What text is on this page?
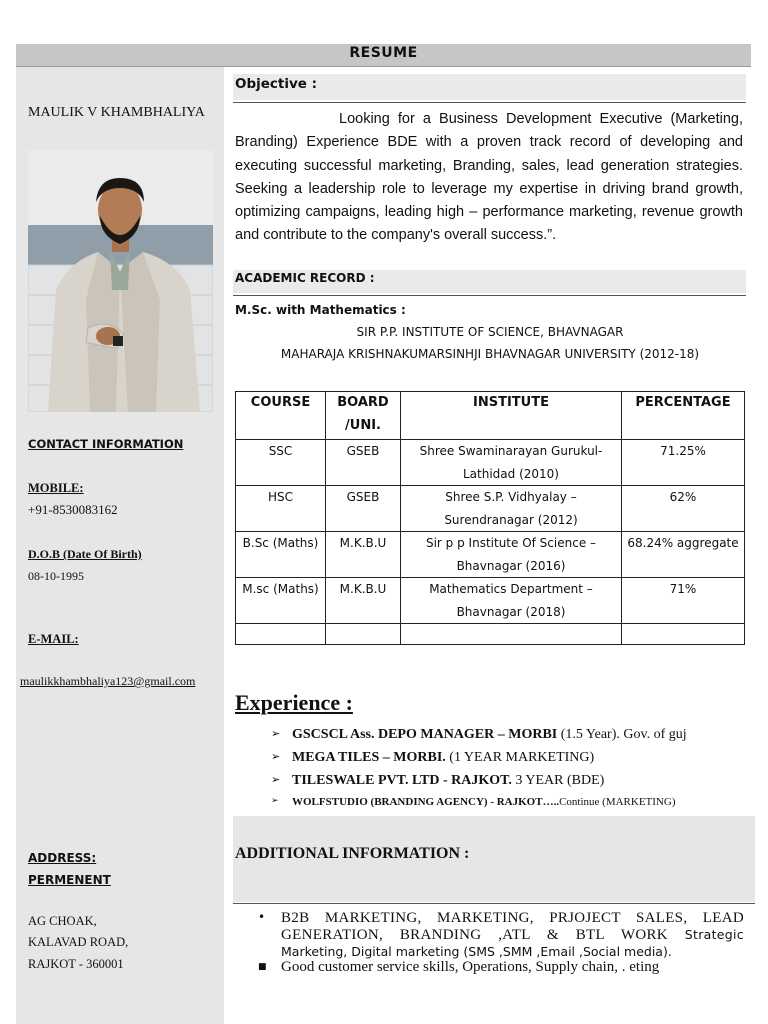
RESUME
MAULIK V KHAMBHALIYA
CONTACT INFORMATION
MOBILE:
+91-8530083162
D.O.B (Date Of Birth)
08-10-1995
E-MAIL:
maulikkhambhaliya123@gmail.com
ADDRESS:
PERMENENT
AG CHOAK,
KALAVAD ROAD,
RAJKOT - 360001
Objective :
Looking for a Business Development Executive (Marketing, Branding) Experience BDE with a proven track record of developing and executing successful marketing, Branding, sales, lead generation strategies. Seeking a leadership role to leverage my expertise in driving brand growth, optimizing campaigns, leading high – performance marketing, revenue growth and contribute to the company's overall success.”.
ACADEMIC RECORD :
M.Sc. with Mathematics :
SIR P.P. INSTITUTE OF SCIENCE, BHAVNAGAR
MAHARAJA KRISHNAKUMARSINHJI BHAVNAGAR UNIVERSITY (2012-18)
COURSE	BOARD /UNI.	INSTITUTE	PERCENTAGE
SSC	GSEB	Shree Swaminarayan Gurukul-Lathidad (2010)	71.25%
HSC	GSEB	Shree S.P. Vidhyalay – Surendranagar (2012)	62%
B.Sc (Maths)	M.K.B.U	Sir p p Institute Of Science – Bhavnagar (2016)	68.24% aggregate
M.sc (Maths)	M.K.B.U	Mathematics Department – Bhavnagar (2018)	71%

Experience :
➢ GSCSCL Ass. DEPO MANAGER – MORBI (1.5 Year). Gov. of guj
➢ MEGA TILES – MORBI. (1 YEAR MARKETING)
➢ TILESWALE PVT. LTD - RAJKOT. 3 YEAR (BDE)
➢ WOLFSTUDIO (BRANDING AGENCY) - RAJKOT…..Continue (MARKETING)
ADDITIONAL INFORMATION :
• B2B MARKETING, MARKETING, PRJOJECT SALES, LEAD
GENERATION, BRANDING ,ATL & BTL WORK Strategic
Marketing, Digital marketing (SMS ,SMM ,Email ,Social media).
■ Good customer service skills, Operations, Supply chain, . eting
